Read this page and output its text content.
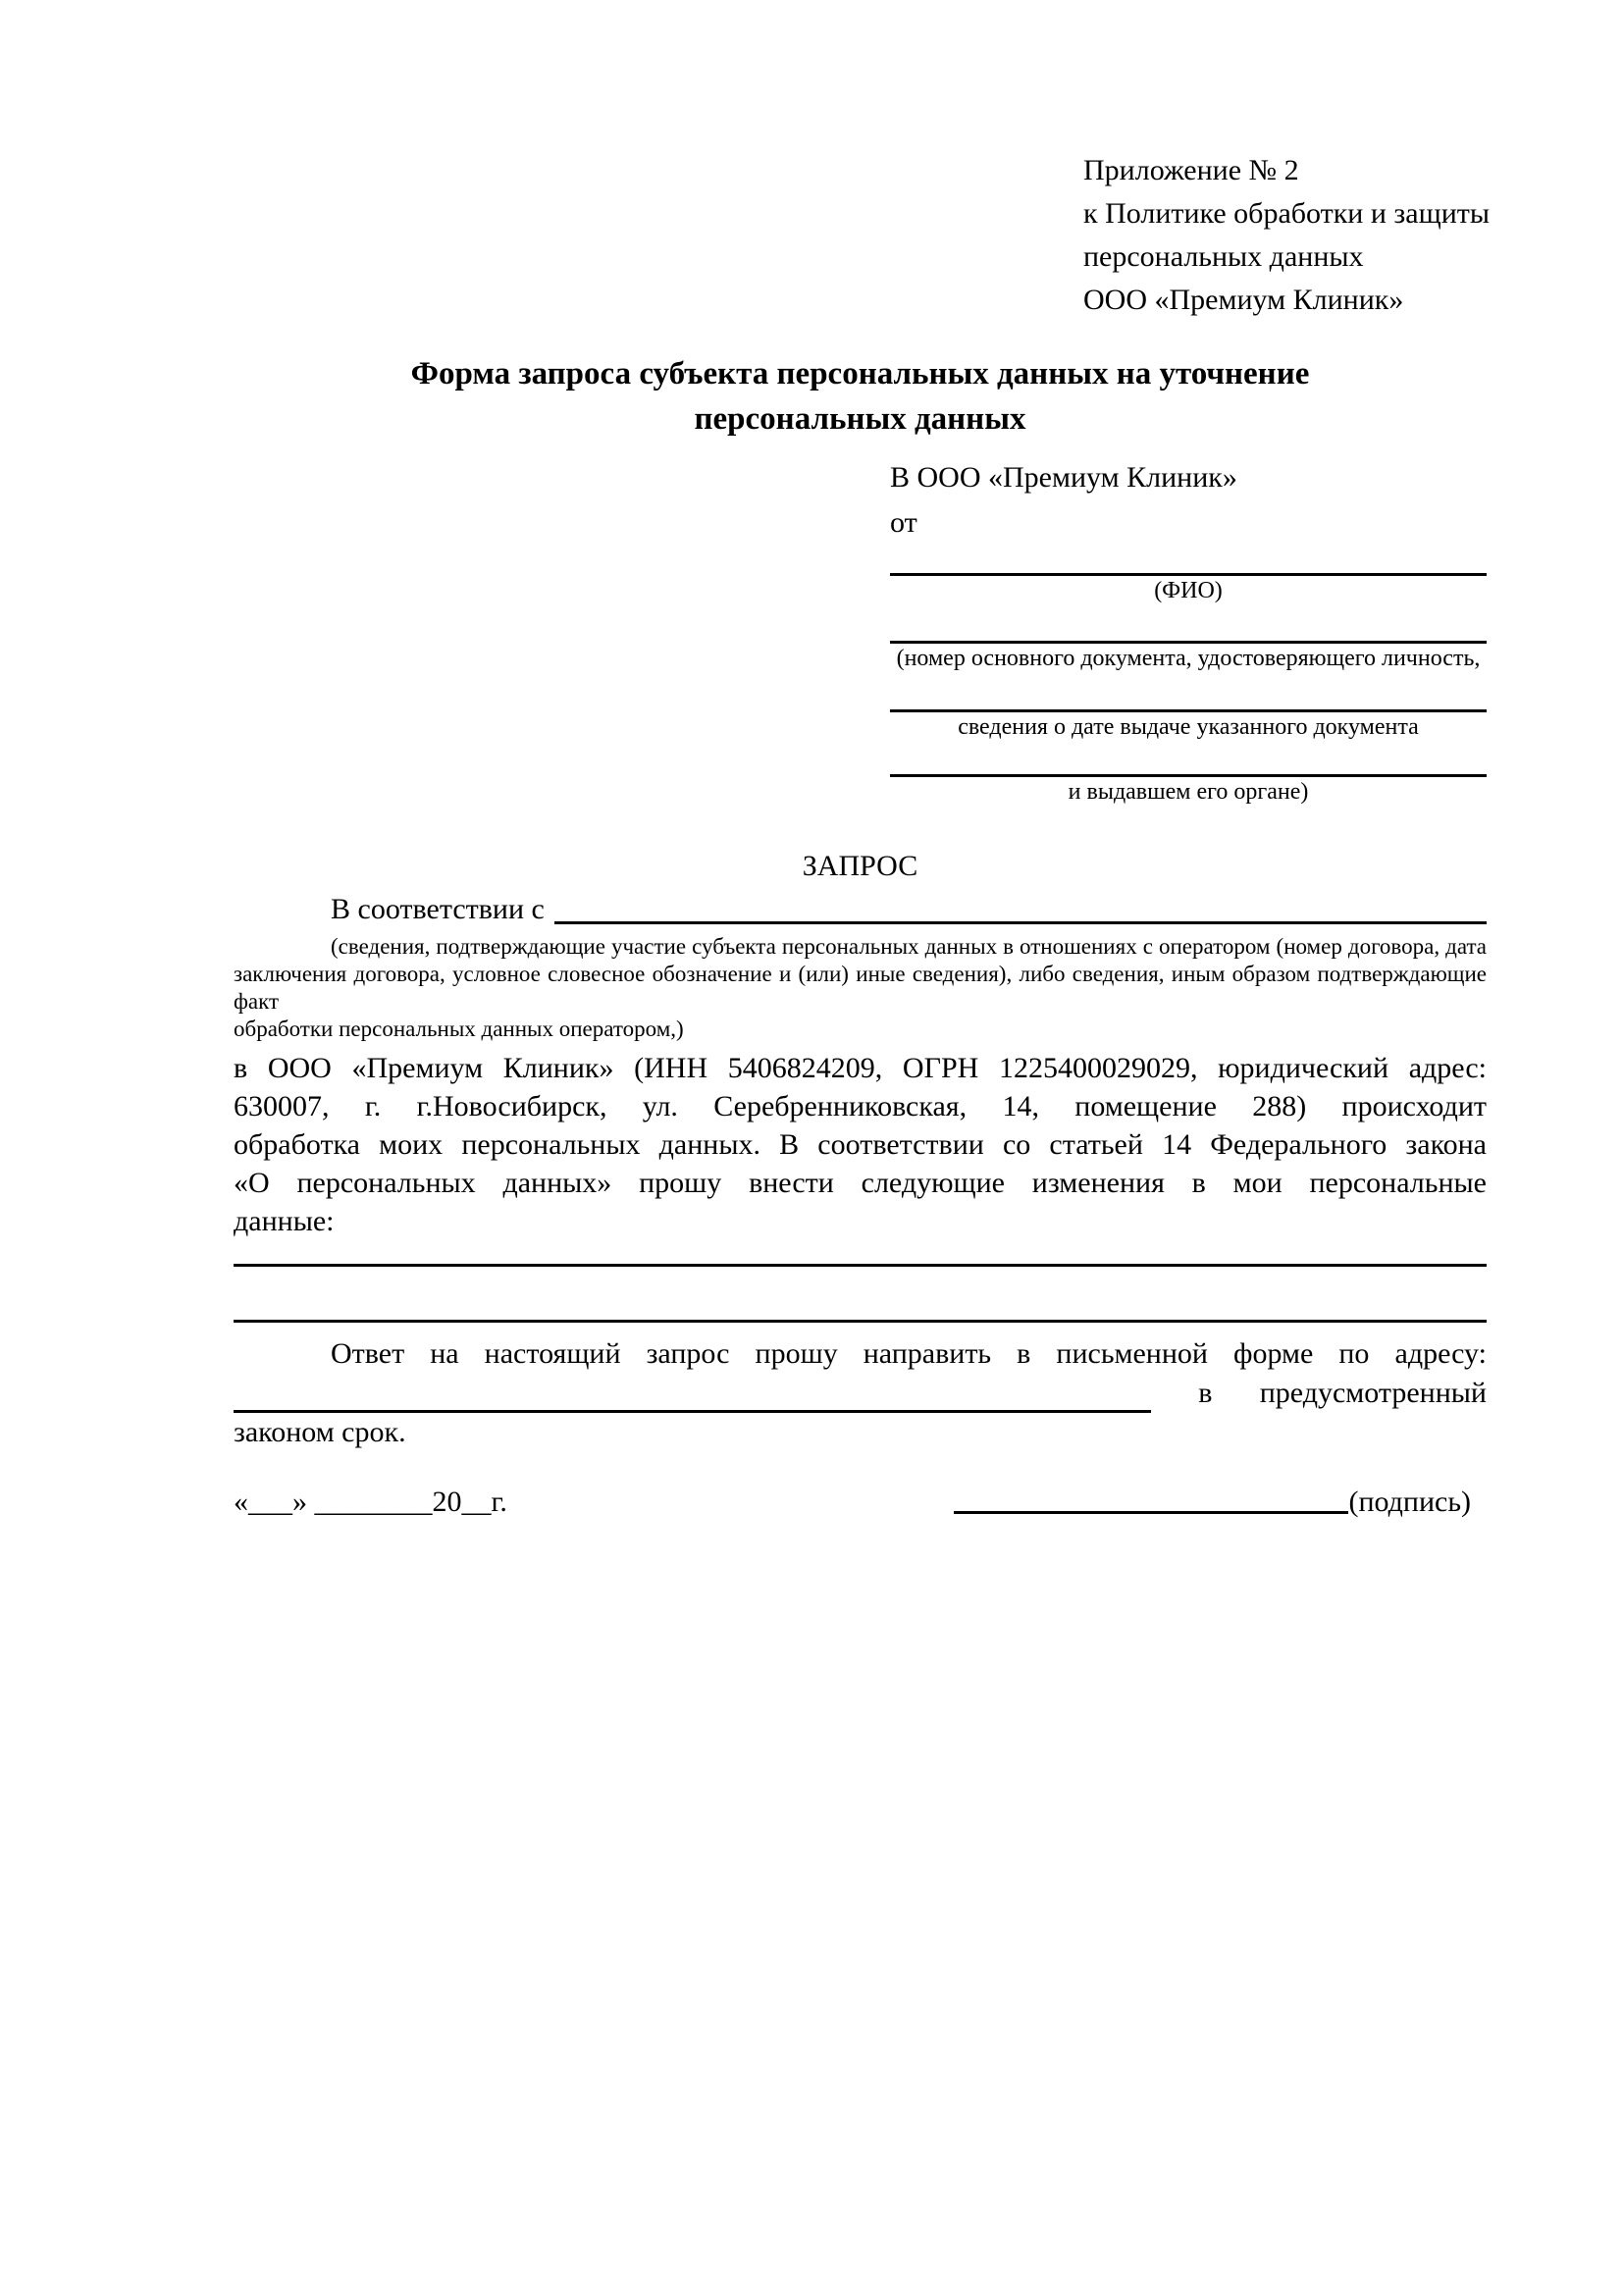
Приложение № 2
к Политике обработки и защиты
персональных данных
ООО «Премиум Клиник»
Форма запроса субъекта персональных данных на уточнение
персональных данных
В ООО «Премиум Клиник»
от
(ФИО)
(номер основного документа, удостоверяющего личность,
сведения о дате выдаче указанного документа
и выдавшем его органе)
ЗАПРОС
В соответствии с
(сведения, подтверждающие участие субъекта персональных данных в отношениях с оператором (номер договора, дата
заключения договора, условное словесное обозначение и (или) иные сведения), либо сведения, иным образом подтверждающие факт
обработки персональных данных оператором,)
в ООО «Премиум Клиник» (ИНН 5406824209, ОГРН 1225400029029, юридический адрес:
630007, г. г.Новосибирск, ул. Серебренниковская, 14, помещение 288) происходит
обработка моих персональных данных. В соответствии со статьей 14 Федерального закона
«О персональных данных» прошу внести следующие изменения в мои персональные
данные:
Ответ на настоящий запрос прошу направить в письменной форме по адресу:
в предусмотренный
законом срок.
«___» ________20__г.	(подпись)
